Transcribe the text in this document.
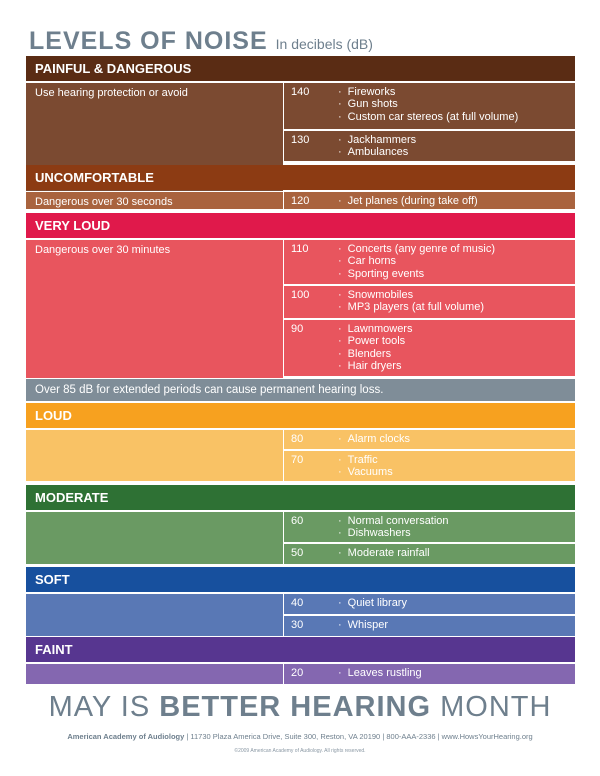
LEVELS OF NOISE In decibels (dB)
PAINFUL & DANGEROUS
Use hearing protection or avoid	140	· Fireworks
· Gun shots
· Custom car stereos (at full volume)
130	· Jackhammers
· Ambulances
UNCOMFORTABLE
Dangerous over 30 seconds	120	· Jet planes (during take off)
VERY LOUD
Dangerous over 30 minutes	110	· Concerts (any genre of music)
· Car horns
· Sporting events
100	· Snowmobiles
· MP3 players (at full volume)
90	· Lawnmowers
· Power tools
· Blenders
· Hair dryers
LOUD
80	· Alarm clocks
70	· Traffic
· Vacuums
MODERATE
60	· Normal conversation
· Dishwashers
50	· Moderate rainfall
SOFT
40	· Quiet library
30	· Whisper
FAINT
20	· Leaves rustling
Over 85 dB for extended periods can cause permanent hearing loss.
MAY IS BETTER HEARING MONTH
American Academy of Audiology | 11730 Plaza America Drive, Suite 300, Reston, VA 20190 | 800-AAA-2336 | www.HowsYourHearing.org
©2009 American Academy of Audiology. All rights reserved.
